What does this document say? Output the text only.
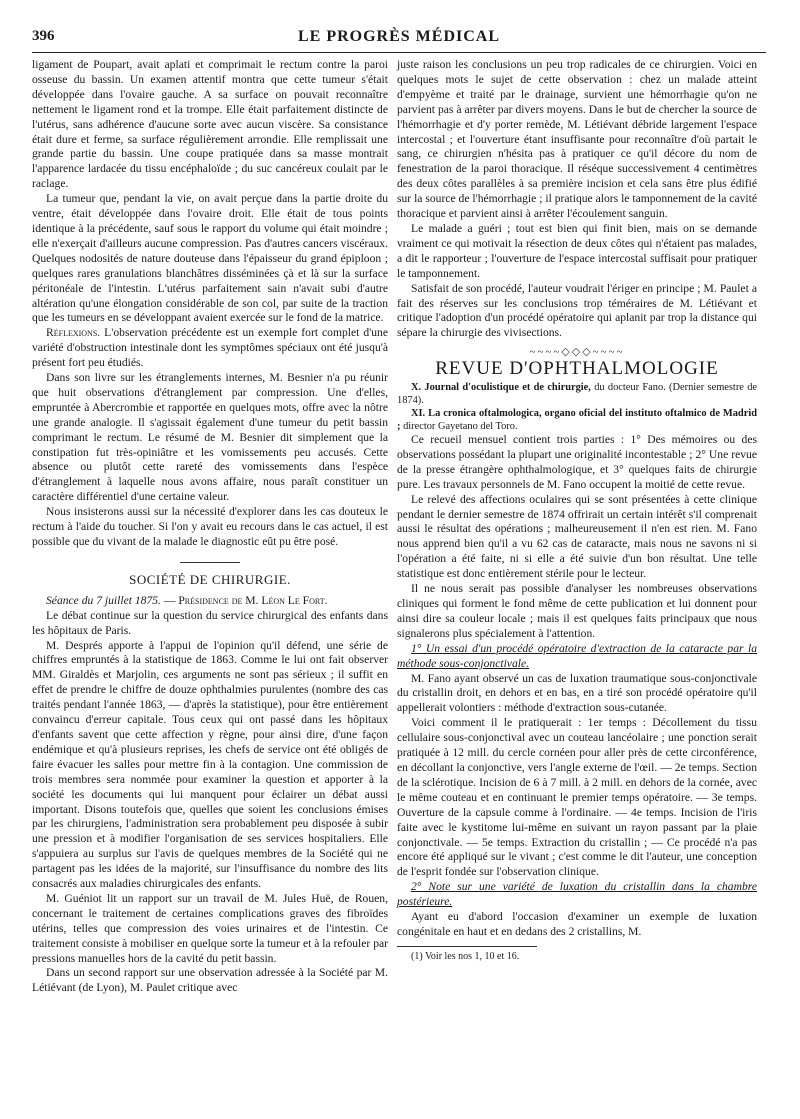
396	LE PROGRÈS MÉDICAL

ligament de Poupart, avait aplati et comprimait le rectum contre la paroi osseuse du bassin. Un examen attentif montra que cette tumeur s'était développée dans l'ovaire gauche. A sa surface on pouvait reconnaître nettement le ligament rond et la trompe. Elle était parfaitement distincte de l'utérus, sans adhérence d'aucune sorte avec aucun viscère. Sa consistance était dure et ferme, sa surface régulièrement arrondie. Elle remplissait une grande partie du bassin. Une coupe pratiquée dans sa masse montrait l'apparence lardacée du tissu encéphaloïde ; du suc cancéreux coulait par le raclage.

La tumeur que, pendant la vie, on avait perçue dans la partie droite du ventre, était développée dans l'ovaire droit. Elle était de tous points identique à la précédente, sauf sous le rapport du volume qui était moindre ; elle n'exerçait d'ailleurs aucune compression. Pas d'autres cancers viscéraux. Quelques nodosités de nature douteuse dans l'épaisseur du grand épiploon ; quelques rares granulations blanchâtres disséminées çà et là sur la surface péritonéale de l'intestin. L'utérus parfaitement sain n'avait subi d'autre altération qu'une élongation considérable de son col, par suite de la traction que les tumeurs en se développant avaient exercée sur le fond de la matrice.

Réflexions. L'observation précédente est un exemple fort complet d'une variété d'obstruction intestinale dont les symptômes spéciaux ont été jusqu'à présent fort peu étudiés.

Dans son livre sur les étranglements internes, M. Besnier n'a pu réunir que huit observations d'étranglement par compression. Une d'elles, empruntée à Abercrombie et rapportée en quelques mots, offre avec la nôtre une grande analogie. Il s'agissait également d'une tumeur du petit bassin comprimant le rectum. Le résumé de M. Besnier dit simplement que la constipation fut très-opiniâtre et les vomissements peu accusés. Cette absence ou plutôt cette rareté des vomissements dans l'espèce d'étranglement à laquelle nous avons affaire, nous paraît constituer un caractère différentiel d'une certaine valeur.

Nous insisterons aussi sur la nécessité d'explorer dans les cas douteux le rectum à l'aide du toucher. Si l'on y avait eu recours dans le cas actuel, il est possible que du vivant de la malade le diagnostic eût pu être posé.

SOCIÉTÉ DE CHIRURGIE.

Séance du 7 juillet 1875. — Présidence de M. Léon Le Fort.

Le débat continue sur la question du service chirurgical des enfants dans les hôpitaux de Paris.

M. Després apporte à l'appui de l'opinion qu'il défend, une série de chiffres empruntés à la statistique de 1863. Comme le lui ont fait observer MM. Giraldès et Marjolin, ces arguments ne sont pas sérieux ; il suffit en effet de prendre le chiffre de douze ophthalmies purulentes (nombre des cas traités pendant l'année 1863, — d'après la statistique), pour être entièrement convaincu d'erreur capitale. Tous ceux qui ont passé dans les hôpitaux d'enfants savent que cette affection y règne, pour ainsi dire, d'une façon endémique et qu'à plusieurs reprises, les chefs de service ont été obligés de faire évacuer les salles pour mettre fin à la contagion. Une commission de trois membres sera nommée pour examiner la question et apporter à la société les documents qui lui manquent pour éclairer un débat aussi important. Disons toutefois que, quelles que soient les conclusions émises par les chirurgiens, l'administration sera probablement peu disposée à subir une pression et à modifier l'organisation de ses services hospitaliers. Elle s'appuiera au surplus sur l'avis de quelques membres de la Société qui ne partagent pas les idées de la majorité, sur l'insuffisance du nombre des lits consacrés aux maladies chirurgicales des enfants.

M. Guéniot lit un rapport sur un travail de M. Jules Huë, de Rouen, concernant le traitement de certaines complications graves des fibroïdes utérins, telles que compression des voies urinaires et de l'intestin. Ce traitement consiste à mobiliser en quelque sorte la tumeur et à la refouler par pressions manuelles hors de la cavité du petit bassin.

Dans un second rapport sur une observation adressée à la Société par M. Létiévant (de Lyon), M. Paulet critique avec

juste raison les conclusions un peu trop radicales de ce chirurgien. Voici en quelques mots le sujet de cette observation : chez un malade atteint d'empyème et traité par le drainage, survient une hémorrhagie qu'on ne parvient pas à arrêter par divers moyens. Dans le but de chercher la source de l'hémorrhagie et d'y porter remède, M. Létiévant débride largement l'espace intercostal ; et l'ouverture étant insuffisante pour reconnaître d'où partait le sang, ce chirurgien n'hésita pas à pratiquer ce qu'il décore du nom de fenestration de la paroi thoracique. Il réséque successivement 4 centimètres des deux côtes parallèles à sa première incision et cela sans être plus édifié sur la source de l'hémorrhagie ; il pratique alors le tamponnement de la cavité thoracique et parvient ainsi à arrêter l'écoulement sanguin.

Le malade a guéri ; tout est bien qui finit bien, mais on se demande vraiment ce qui motivait la résection de deux côtes qui n'étaient pas malades, a dit le rapporteur ; l'ouverture de l'espace intercostal suffisait pour pratiquer le tamponnement.

Satisfait de son procédé, l'auteur voudrait l'ériger en principe ; M. Paulet a fait des réserves sur les conclusions trop téméraires de M. Létiévant et critique l'adoption d'un procédé opératoire qui aplanit par trop la distance qui sépare la chirurgie des vivisections.

~~~~◇◇◇~~~~
REVUE D'OPHTHALMOLOGIE

X. Journal d'oculistique et de chirurgie, du docteur Fano. (Dernier semestre de 1874).

XI. La cronica oftalmologica, organo oficial del instituto oftalmico de Madrid ; director Gayetano del Toro.

Ce recueil mensuel contient trois parties : 1° Des mémoires ou des observations possédant la plupart une originalité incontestable ; 2° Une revue de la presse étrangère ophthalmologique, et 3° quelques faits de chirurgie pure. Les travaux personnels de M. Fano occupent la moitié de cette revue.

Le relevé des affections oculaires qui se sont présentées à cette clinique pendant le dernier semestre de 1874 offrirait un certain intérêt s'il comprenait aussi le résultat des opérations ; malheureusement il n'en est rien. M. Fano nous apprend bien qu'il a vu 62 cas de cataracte, mais nous ne savons ni si l'opération a été faite, ni si elle a été suivie d'un bon résultat. Une telle statistique est donc entièrement stérile pour le lecteur.

Il ne nous serait pas possible d'analyser les nombreuses observations cliniques qui forment le fond même de cette publication et lui donnent pour ainsi dire sa couleur locale ; mais il est quelques faits principaux que nous signalerons plus spécialement à l'attention.

1° Un essai d'un procédé opératoire d'extraction de la cataracte par la méthode sous-conjonctivale.

M. Fano ayant observé un cas de luxation traumatique sous-conjonctivale du cristallin droit, en dehors et en bas, en a tiré son procédé opératoire qu'il appellerait volontiers : méthode d'extraction sous-cutanée.

Voici comment il le pratiquerait : 1er temps : Décollement du tissu cellulaire sous-conjonctival avec un couteau lancéolaire ; une ponction serait pratiquée à 12 mill. du cercle cornéen pour aller près de cette circonférence, en décollant la conjonctive, vers l'angle externe de l'œil. — 2e temps. Section de la sclérotique. Incision de 6 à 7 mill. à 2 mill. en dehors de la cornée, avec le même couteau et en continuant le premier temps opératoire. — 3e temps. Ouverture de la capsule comme à l'ordinaire. — 4e temps. Incision de l'iris faite avec le kystitome lui-même en suivant un rayon passant par la plaie conjonctivale. — 5e temps. Extraction du cristallin ; — Ce procédé n'a pas encore été appliqué sur le vivant ; c'est comme le dit l'auteur, une conception de l'esprit fondée sur l'observation clinique.

2° Note sur une variété de luxation du cristallin dans la chambre postérieure.

Ayant eu d'abord l'occasion d'examiner un exemple de luxation congénitale en haut et en dedans des 2 cristallins, M.

(1) Voir les nos 1, 10 et 16.
